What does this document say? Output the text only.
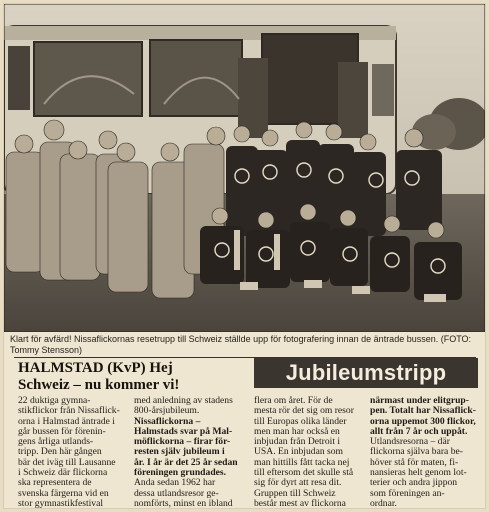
Klart för avfärd! Nissaflickornas resetrupp till Schweiz ställde upp för fotografering innan de äntrade bussen. (FOTO: Tommy Stensson)
HALMSTAD (KvP) Hej
Schweiz – nu kommer vi!	Jubileumstripp
22 duktiga gymna-
stikflickor från Nissaflick-
orna i Halmstad äntrade i
går bussen för förenin-
gens årliga utlands-
tripp. Den här gången
bär det iväg till Lausanne
i Schweiz där flickorna
ska representera de
svenska färgerna vid en
stor gymnastikfestival
med anledning av stadens
800-årsjubileum.
Nissaflickorna –
Halmstads svar på Mal-
möflickorna – firar för-
resten själv jubileum i
år. I år är det 25 år sedan
föreningen grundades.
Ända sedan 1962 har
dessa utlandsresor ge-
nomförts, minst en ibland
flera om året. För de
mesta rör det sig om resor
till Europas olika länder
men man har också en
inbjudan från Detroit i
USA. En inbjudan som
man hittills fått tacka nej
till eftersom det skulle stå
sig för dyrt att resa dit.
Gruppen till Schweiz
består mest av flickorna
närmast under elitgrup-
pen. Totalt har Nissaflick-
orna uppemot 300 flickor,
allt från 7 år och uppåt.
Utlandsresorna – där
flickorna själva bara be-
höver stå för maten, fi-
nansieras helt genom lot-
terier och andra jippon
som föreningen an-
ordnar.
